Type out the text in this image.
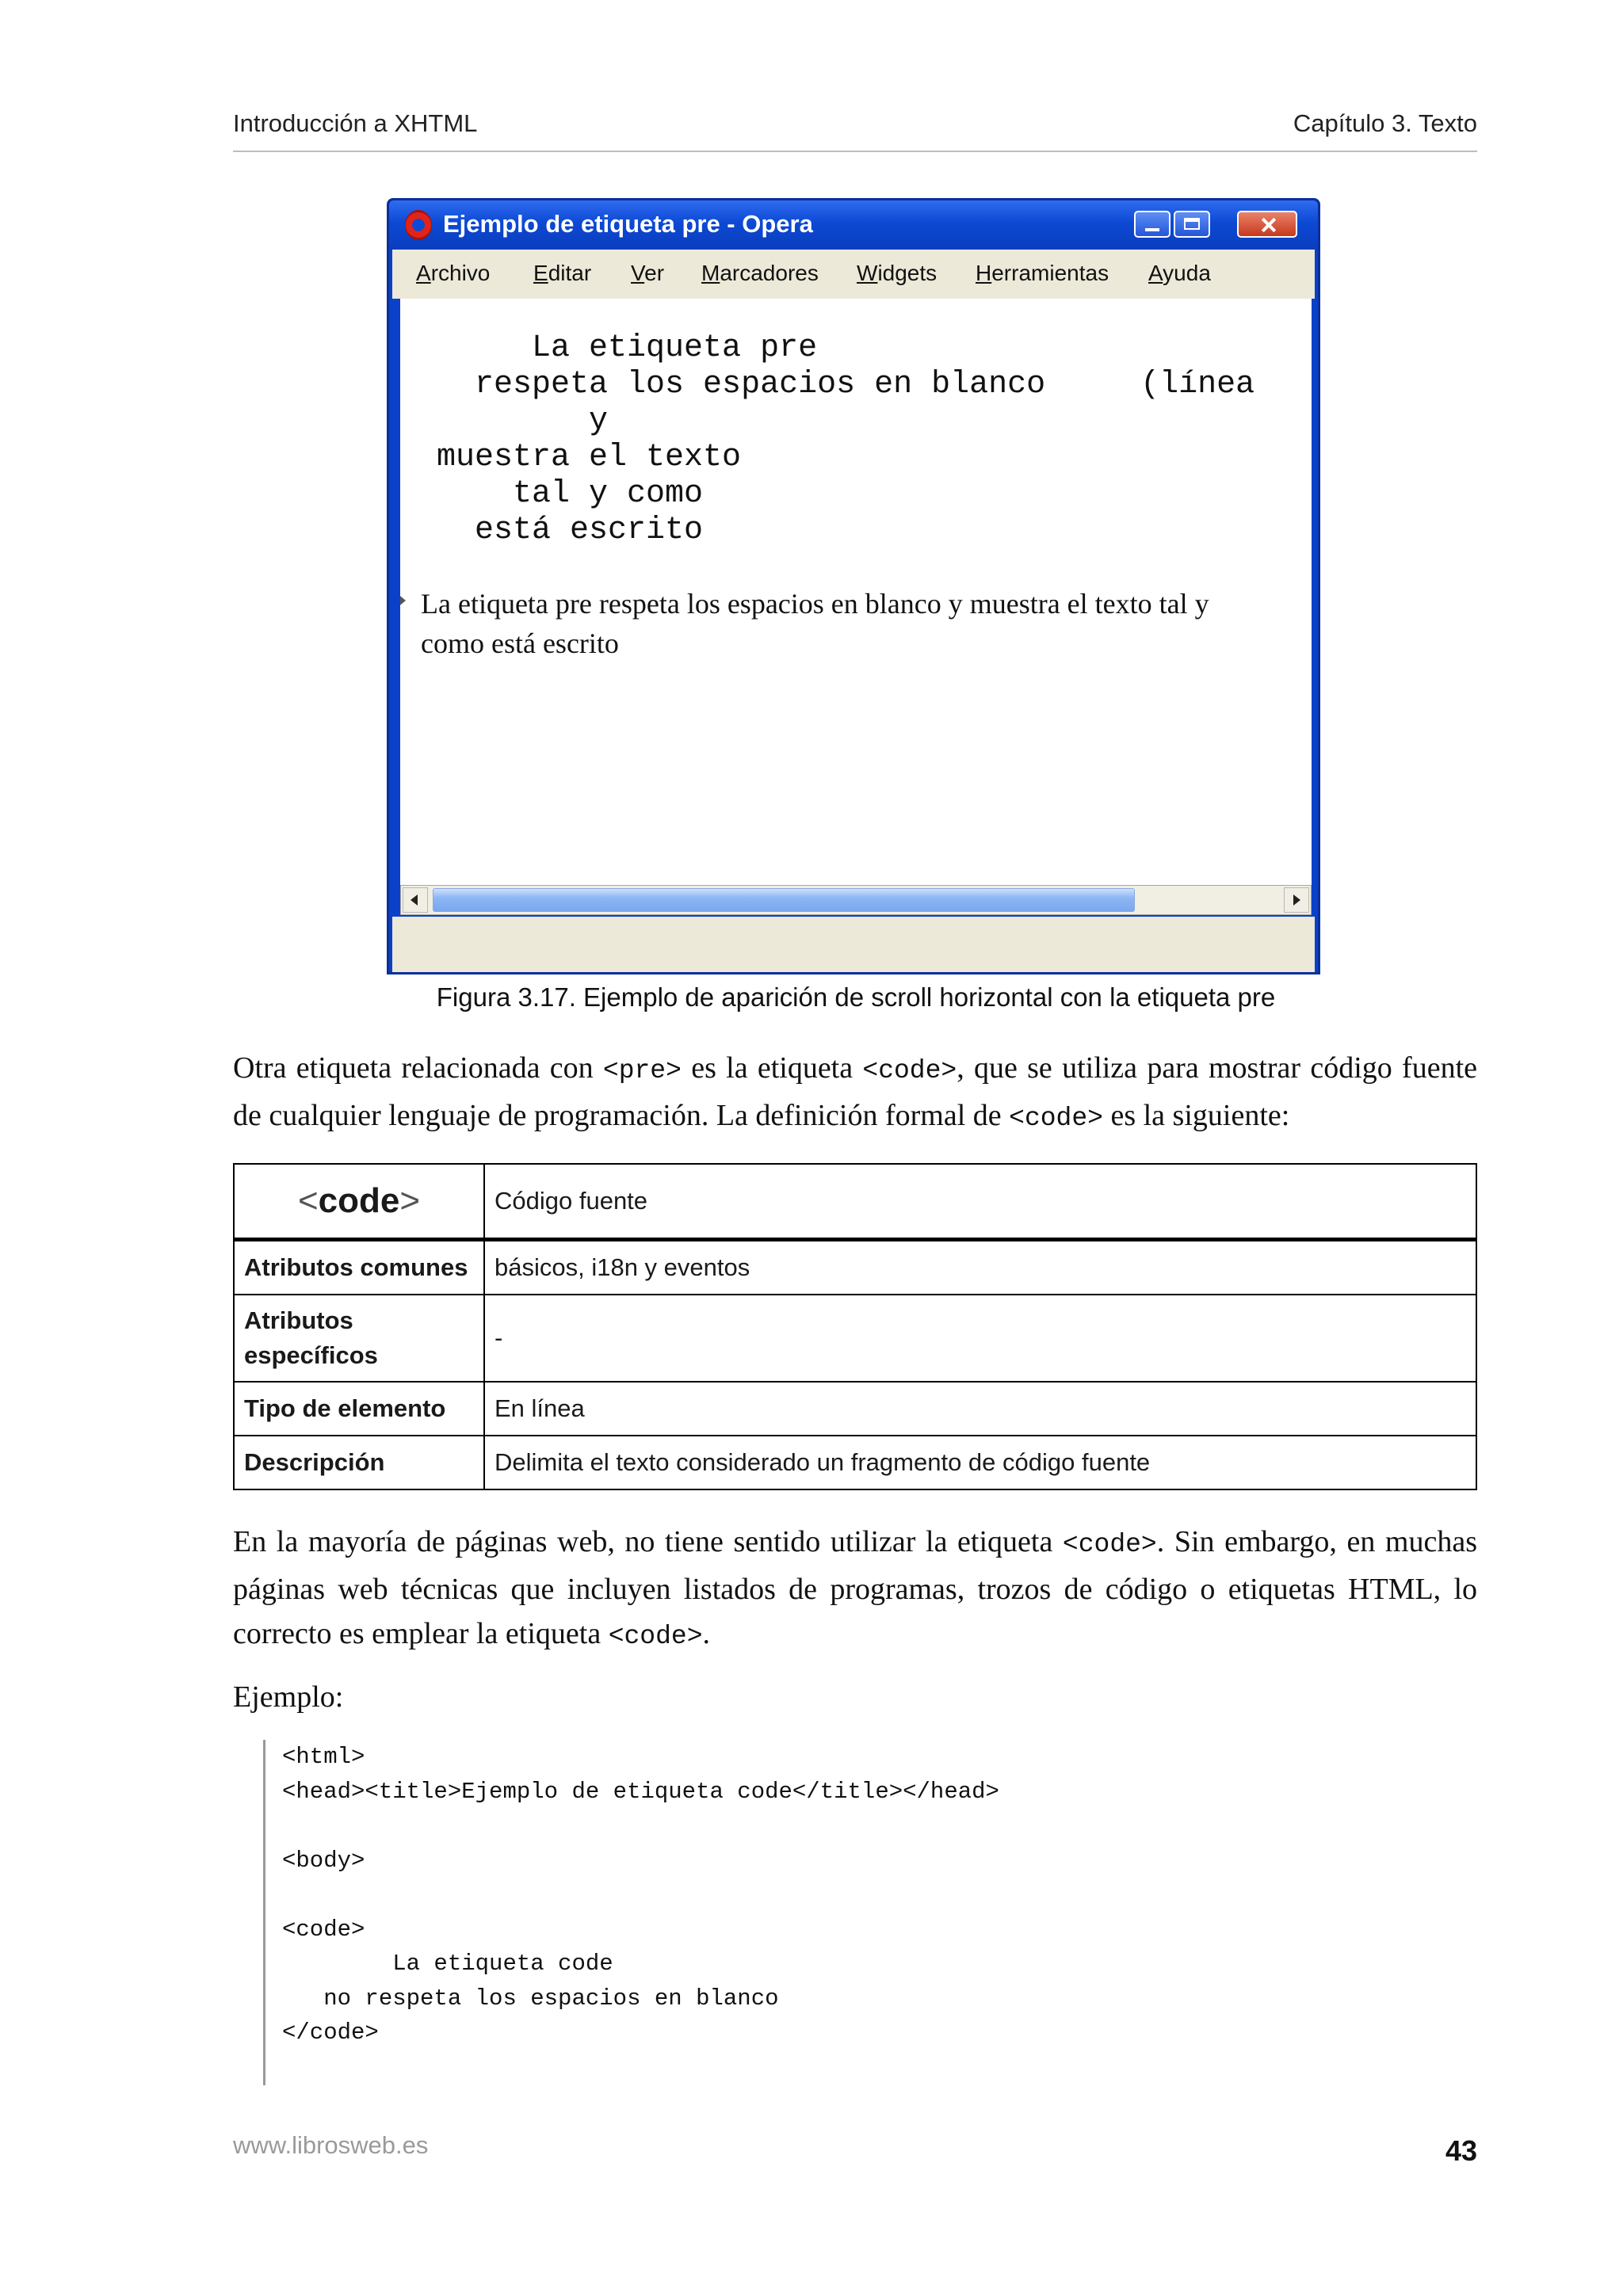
Introducción a XHTML	Capítulo 3. Texto
Ejemplo de etiqueta pre - Opera
Archivo Editar Ver Marcadores Widgets Herramientas Ayuda
La etiqueta pre
respeta los espacios en blanco     (línea
y
muestra el texto
tal y como
está escrito
La etiqueta pre respeta los espacios en blanco y muestra el texto tal y como está escrito
Figura 3.17. Ejemplo de aparición de scroll horizontal con la etiqueta pre
Otra etiqueta relacionada con <pre> es la etiqueta <code>, que se utiliza para mostrar código fuente de cualquier lenguaje de programación. La definición formal de <code> es la siguiente:
<code>	Código fuente
Atributos comunes	básicos, i18n y eventos
Atributos específicos	-
Tipo de elemento	En línea
Descripción	Delimita el texto considerado un fragmento de código fuente
En la mayoría de páginas web, no tiene sentido utilizar la etiqueta <code>. Sin embargo, en muchas páginas web técnicas que incluyen listados de programas, trozos de código o etiquetas HTML, lo correcto es emplear la etiqueta <code>.
Ejemplo:
<html>
<head><title>Ejemplo de etiqueta code</title></head>

<body>

<code>
La etiqueta code
no respeta los espacios en blanco
</code>
www.librosweb.es	43
